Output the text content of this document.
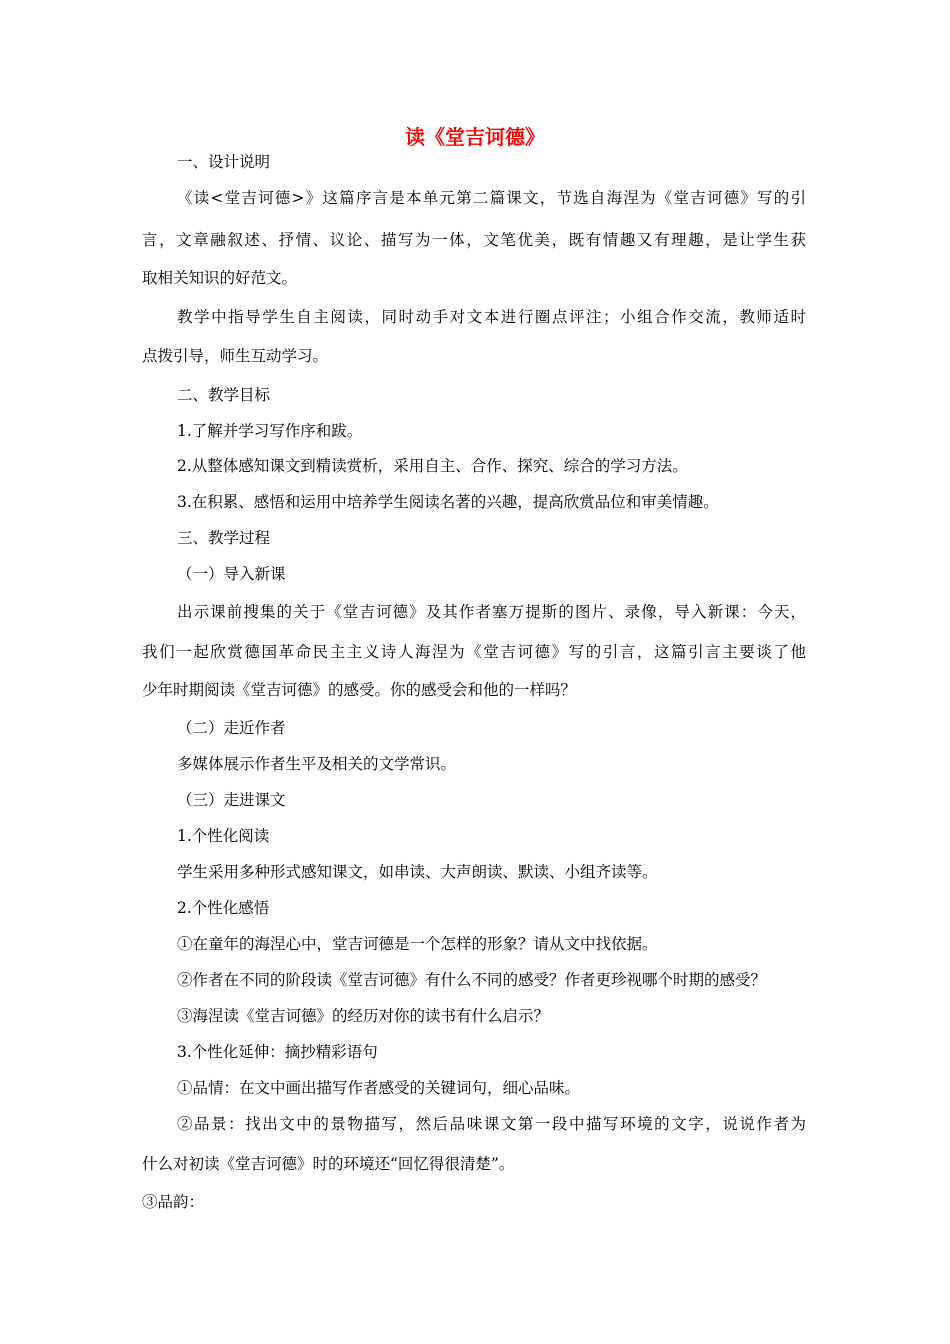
读《堂吉诃德》
一、设计说明
《读<堂吉诃德>》这篇序言是本单元第二篇课文，节选自海涅为《堂吉诃德》写的引
言，文章融叙述、抒情、议论、描写为一体，文笔优美，既有情趣又有理趣，是让学生获
取相关知识的好范文。
教学中指导学生自主阅读，同时动手对文本进行圈点评注；小组合作交流，教师适时
点拨引导，师生互动学习。
二、教学目标
1.了解并学习写作序和跋。
2.从整体感知课文到精读赏析，采用自主、合作、探究、综合的学习方法。
3.在积累、感悟和运用中培养学生阅读名著的兴趣，提高欣赏品位和审美情趣。
三、教学过程
（一）导入新课
出示课前搜集的关于《堂吉诃德》及其作者塞万提斯的图片、录像，导入新课：今天，
我们一起欣赏德国革命民主主义诗人海涅为《堂吉诃德》写的引言，这篇引言主要谈了他
少年时期阅读《堂吉诃德》的感受。你的感受会和他的一样吗？
（二）走近作者
多媒体展示作者生平及相关的文学常识。
（三）走进课文
1.个性化阅读
学生采用多种形式感知课文，如串读、大声朗读、默读、小组齐读等。
2.个性化感悟
①在童年的海涅心中，堂吉诃德是一个怎样的形象？请从文中找依据。
②作者在不同的阶段读《堂吉诃德》有什么不同的感受？作者更珍视哪个时期的感受？
③海涅读《堂吉诃德》的经历对你的读书有什么启示？
3.个性化延伸：摘抄精彩语句
①品情：在文中画出描写作者感受的关键词句，细心品味。
②品景：找出文中的景物描写，然后品味课文第一段中描写环境的文字，说说作者为
什么对初读《堂吉诃德》时的环境还“回忆得很清楚”。
③品韵：
